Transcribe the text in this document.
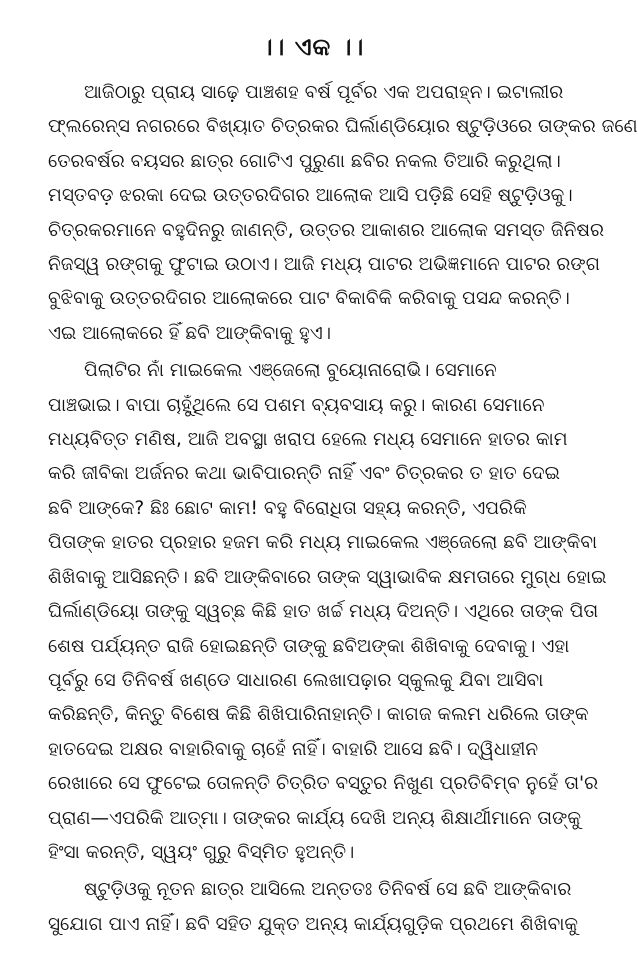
।। ଏକ ।।

ଆଜିଠାରୁ ପ୍ରାୟ ସାଢ଼େ ପାଞ୍ଚଶହ ବର୍ଷ ପୂର୍ବର ଏକ ଅପରାହ୍ନ। ଇଟାଲୀର

ଫ୍ଲରେନ୍ସ ନଗରରେ ବିଖ୍ୟାତ ଚିତ୍ରକର ଘିର୍ଲାଣ୍ଡିୟୋର ଷ୍ଟୁଡ଼ିଓରେ ତାଙ୍କର ଜଣେ

ତେରବର୍ଷର ବୟସର ଛାତ୍ର ଗୋଟିଏ ପୁରୁଣା ଛବିର ନକଲ ତିଆରି କରୁଥିଲା।

ମସ୍ତବଡ଼ ଝରକା ଦେଇ ଉତ୍ତରଦିଗର ଆଲୋକ ଆସି ପଡ଼ିଛି ସେହି ଷ୍ଟୁଡ଼ିଓକୁ।

ଚିତ୍ରକରମାନେ ବହୁଦିନରୁ ଜାଣନ୍ତି, ଉତ୍ତର ଆକାଶର ଆଲୋକ ସମସ୍ତ ଜିନିଷର

ନିଜସ୍ୱ ରଙ୍ଗକୁ ଫୁଟାଇ ଉଠାଏ। ଆଜି ମଧ୍ୟ ପାଟର ଅଭିଜ୍ଞମାନେ ପାଟର ରଙ୍ଗ

ବୁଝିବାକୁ ଉତ୍ତରଦିଗର ଆଲୋକରେ ପାଟ ବିକାବିକି କରିବାକୁ ପସନ୍ଦ କରନ୍ତି।

ଏଇ ଆଲୋକରେ ହିଁ ଛବି ଆଙ୍କିବାକୁ ହୁଏ।

ପିଲାଟିର ନାଁ ମାଇକେଲ ଏଞ୍ଜେଲୋ ବୁୟୋନାରୋଭି। ସେମାନେ

ପାଞ୍ଚଭାଇ। ବାପା ଚାହୁଁଥିଲେ ସେ ପଶମ ବ୍ୟବସାୟ କରୁ। କାରଣ ସେମାନେ

ମଧ୍ୟବିତ୍ତ ମଣିଷ, ଆଜି ଅବସ୍ଥା ଖରାପ ହେଲେ ମଧ୍ୟ ସେମାନେ ହାତର କାମ

କରି ଜୀବିକା ଅର୍ଜନର କଥା ଭାବିପାରନ୍ତି ନାହିଁ ଏବଂ ଚିତ୍ରକର ତ ହାତ ଦେଇ

ଛବି ଆଙ୍କେ? ଛିଃ ଛୋଟ କାମ! ବହୁ ବିରୋଧିତା ସହ୍ୟ କରନ୍ତି, ଏପରିକି

ପିତାଙ୍କ ହାତର ପ୍ରହାର ହଜମ କରି ମଧ୍ୟ ମାଇକେଲ ଏଞ୍ଜେଲୋ ଛବି ଆଙ୍କିବା

ଶିଖିବାକୁ ଆସିଛନ୍ତି। ଛବି ଆଙ୍କିବାରେ ତାଙ୍କ ସ୍ୱାଭାବିକ କ୍ଷମତାରେ ମୁଗ୍ଧ ହୋଇ

ଘିର୍ଲାଣ୍ଡିୟୋ ତାଙ୍କୁ ସ୍ୱଚ୍ଛ କିଛି ହାତ ଖର୍ଚ୍ଚ ମଧ୍ୟ ଦିଅନ୍ତି। ଏଥିରେ ତାଙ୍କ ପିତା

ଶେଷ ପର୍ଯ୍ୟନ୍ତ ରାଜି ହୋଇଛନ୍ତି ତାଙ୍କୁ ଛବିଅଙ୍କା ଶିଖିବାକୁ ଦେବାକୁ। ଏହା

ପୂର୍ବରୁ ସେ ତିନିବର୍ଷ ଖଣ୍ଡେ ସାଧାରଣ ଲେଖାପଢ଼ାର ସ୍କୁଲକୁ ଯିବା ଆସିବା

କରିଛନ୍ତି, କିନ୍ତୁ ବିଶେଷ କିଛି ଶିଖିପାରିନାହାନ୍ତି। କାଗଜ କଲମ ଧରିଲେ ତାଙ୍କ

ହାତଦେଇ ଅକ୍ଷର ବାହାରିବାକୁ ଚାହେଁ ନାହିଁ। ବାହାରି ଆସେ ଛବି। ଦ୍ୱିଧାହୀନ

ରେଖାରେ ସେ ଫୁଟେଇ ତୋଳନ୍ତି ଚିତ୍ରିତ ବସ୍ତୁର ନିଖୁଣ ପ୍ରତିବିମ୍ବ ନୁହେଁ ତା'ର

ପ୍ରାଣ—ଏପରିକି ଆତ୍ମା। ତାଙ୍କର କାର୍ଯ୍ୟ ଦେଖି ଅନ୍ୟ ଶିକ୍ଷାର୍ଥୀମାନେ ତାଙ୍କୁ

ହିଂସା କରନ୍ତି, ସ୍ୱୟଂ ଗୁରୁ ବିସ୍ମିତ ହୁଅନ୍ତି।

ଷ୍ଟୁଡ଼ିଓକୁ ନୂତନ ଛାତ୍ର ଆସିଲେ ଅନ୍ତତଃ ତିନିବର୍ଷ ସେ ଛବି ଆଙ୍କିବାର

ସୁଯୋଗ ପାଏ ନାହିଁ। ଛବି ସହିତ ଯୁକ୍ତ ଅନ୍ୟ କାର୍ଯ୍ୟଗୁଡ଼ିକ ପ୍ରଥମେ ଶିଖିବାକୁ
